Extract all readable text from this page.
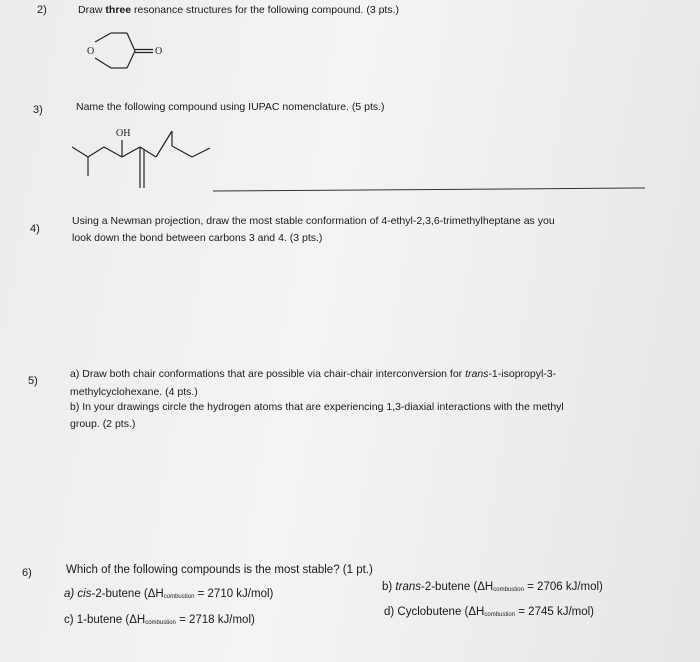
2)	Draw three resonance structures for the following compound. (3 pts.)
O	O
3)	Name the following compound using IUPAC nomenclature. (5 pts.)
OH
4)
Using a Newman projection, draw the most stable conformation of 4-ethyl-2,3,6-trimethylheptane as you
look down the bond between carbons 3 and 4. (3 pts.)
5)
a) Draw both chair conformations that are possible via chair-chair interconversion for trans-1-isopropyl-3-
methylcyclohexane. (4 pts.)
b) In your drawings circle the hydrogen atoms that are experiencing 1,3-diaxial interactions with the methyl
group. (2 pts.)
6)	Which of the following compounds is the most stable? (1 pt.)
a) cis-2-butene ($\Delta H_{combustion} = 2710$ kJ/mol)
b) trans-2-butene ($\Delta H_{combustion} = 2706$ kJ/mol)
c) 1-butene ($\Delta H_{combustion} = 2718$ kJ/mol)
d) Cyclobutene ($\Delta H_{combustion} = 2745$ kJ/mol)
